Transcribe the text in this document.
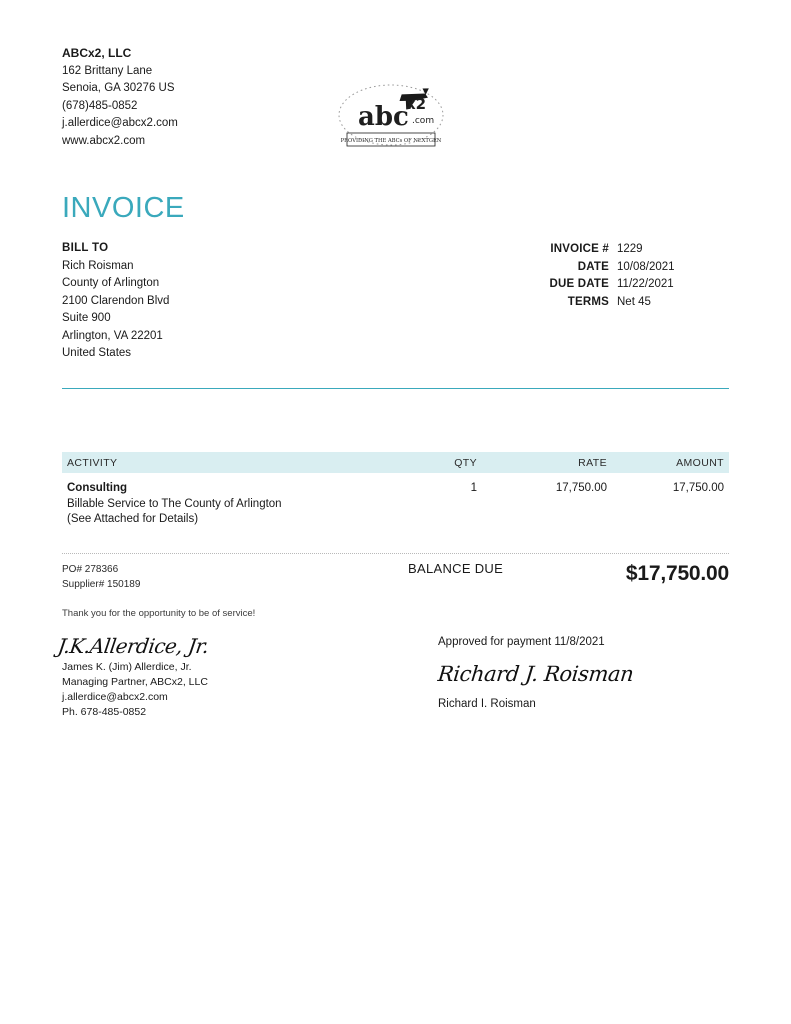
ABCx2, LLC
162 Brittany Lane
Senoia, GA 30276 US
(678)485-0852
j.allerdice@abcx2.com
www.abcx2.com
abc
x2
.com
PROVIDING THE ABCs OF NEXTGEN
INVOICE
BILL TO
Rich Roisman
County of Arlington
2100 Clarendon Blvd
Suite 900
Arlington, VA 22201
United States
INVOICE # 1229
DATE 10/08/2021
DUE DATE 11/22/2021
TERMS Net 45
ACTIVITY	QTY	RATE	AMOUNT
Consulting
Billable Service to The County of Arlington
(See Attached for Details)
1	17,750.00	17,750.00
PO# 278366
Supplier# 150189
BALANCE DUE	$17,750.00
Thank you for the opportunity to be of service!
J.K.Allerdice, Jr.
James K. (Jim) Allerdice, Jr.
Managing Partner, ABCx2, LLC
j.allerdice@abcx2.com
Ph. 678-485-0852
Approved for payment 11/8/2021
Richard J. Roisman
Richard I. Roisman
